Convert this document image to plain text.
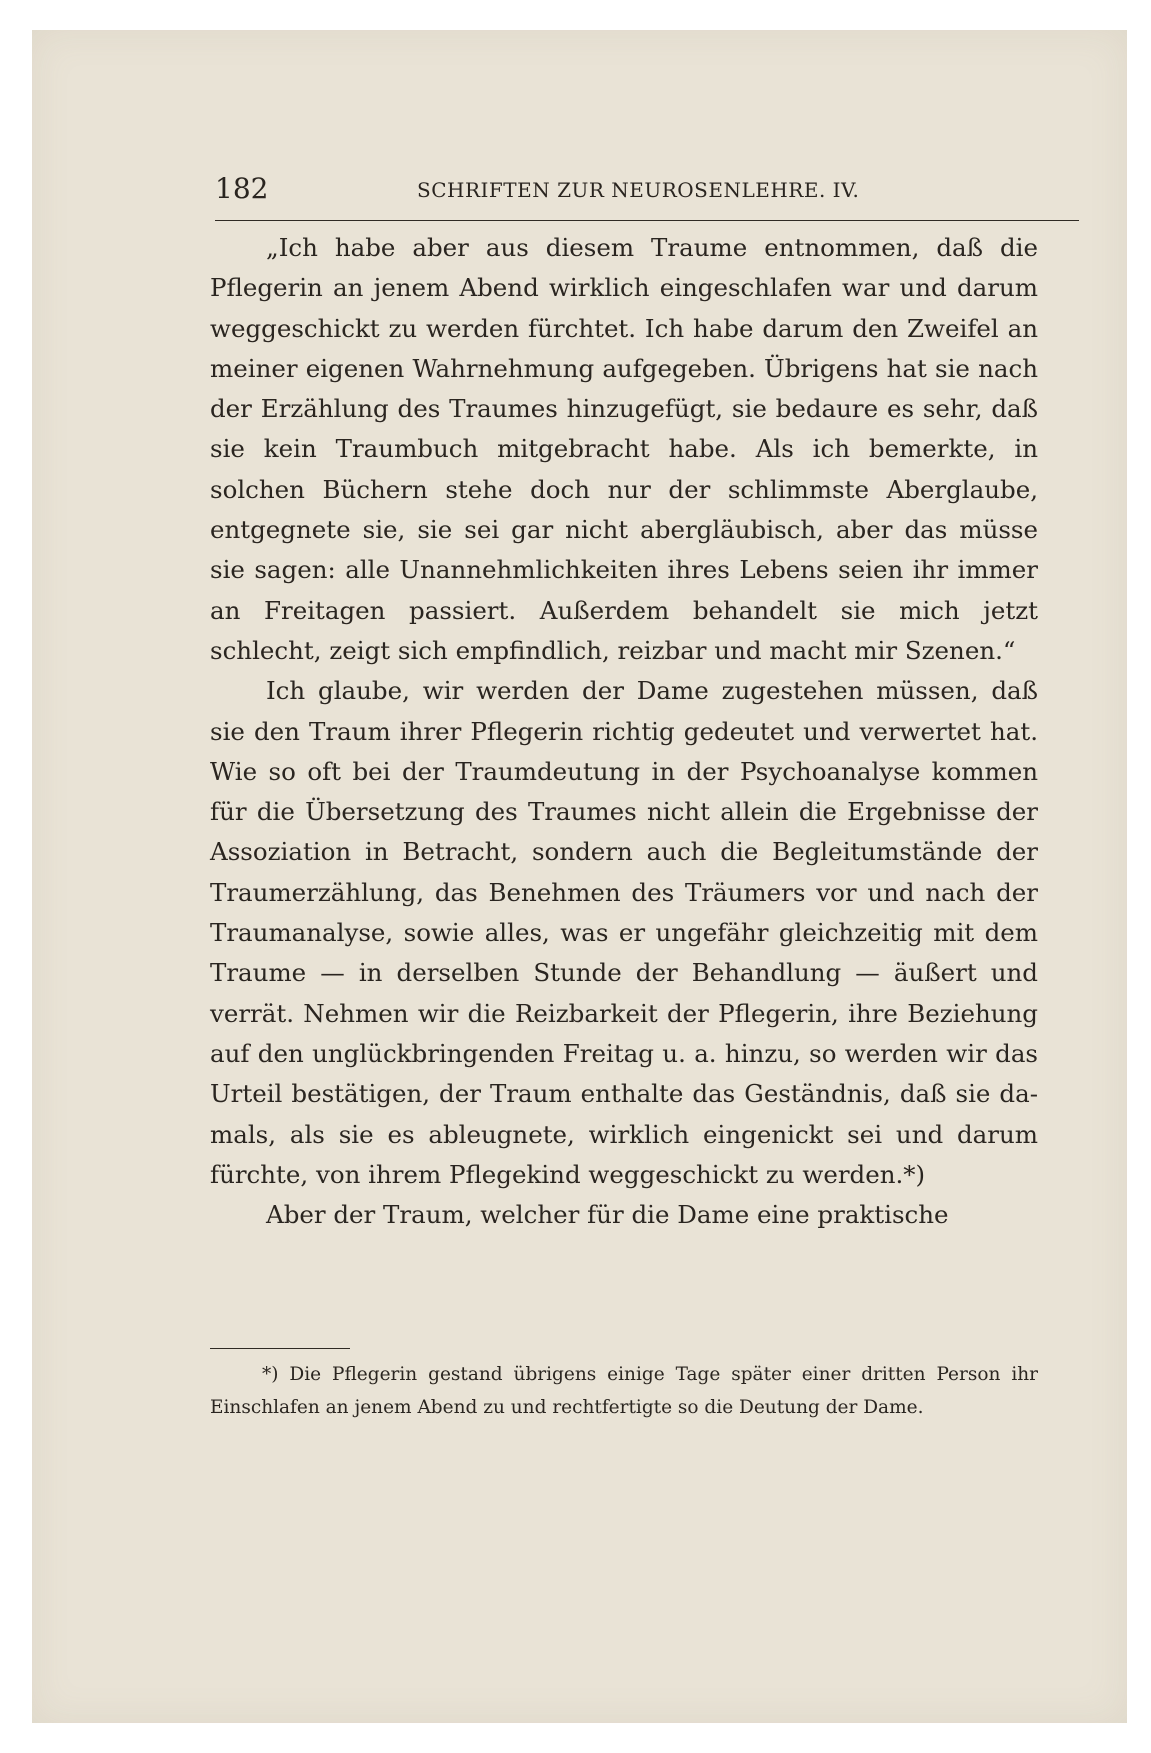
182	SCHRIFTEN ZUR NEUROSENLEHRE. IV.

„Ich habe aber aus diesem Traume entnommen, daß die Pflegerin an jenem Abend wirklich eingeschlafen war und darum weggeschickt zu werden fürchtet. Ich habe darum den Zweifel an meiner eigenen Wahrnehmung aufgegeben. Übrigens hat sie nach der Erzählung des Traumes hinzugefügt, sie bedaure es sehr, daß sie kein Traumbuch mitgebracht habe. Als ich bemerkte, in solchen Büchern stehe doch nur der schlimmste Aberglaube, entgegnete sie, sie sei gar nicht abergläubisch, aber das müsse sie sagen: alle Unannehmlichkeiten ihres Lebens seien ihr immer an Freitagen passiert. Außerdem behandelt sie mich jetzt schlecht, zeigt sich empfindlich, reizbar und macht mir Szenen.“

Ich glaube, wir werden der Dame zugestehen müssen, daß sie den Traum ihrer Pflegerin richtig gedeutet und verwertet hat. Wie so oft bei der Traumdeutung in der Psychoanalyse kommen für die Übersetzung des Traumes nicht allein die Ergebnisse der Assoziation in Betracht, sondern auch die Begleitumstände der Traumerzählung, das Benehmen des Träumers vor und nach der Traumanalyse, sowie alles, was er ungefähr gleichzeitig mit dem Traume — in derselben Stunde der Behandlung — äußert und verrät. Nehmen wir die Reizbarkeit der Pflegerin, ihre Beziehung auf den unglückbringenden Freitag u. a. hinzu, so werden wir das Urteil bestätigen, der Traum enthalte das Geständnis, daß sie damals, als sie es ableugnete, wirklich eingenickt sei und darum fürchte, von ihrem Pflegekind weggeschickt zu werden.*)

Aber der Traum, welcher für die Dame eine praktische

*) Die Pflegerin gestand übrigens einige Tage später einer dritten Person ihr Einschlafen an jenem Abend zu und rechtfertigte so die Deutung der Dame.
